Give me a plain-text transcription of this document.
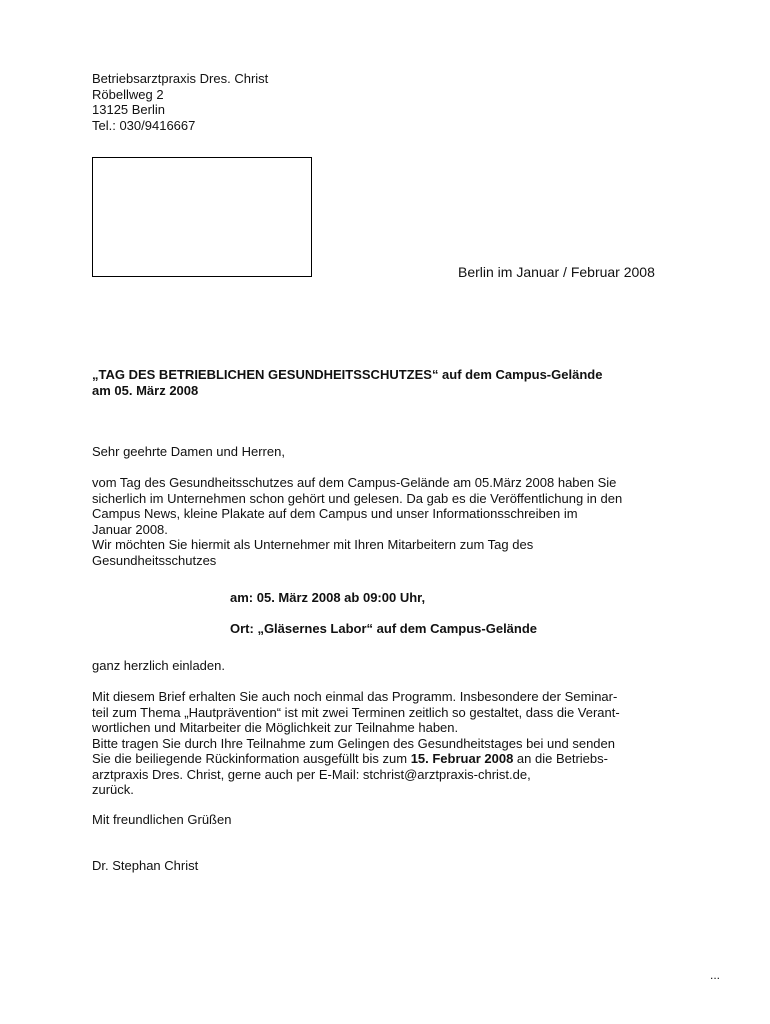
Betriebsarztpraxis Dres. Christ
Röbellweg 2
13125 Berlin
Tel.: 030/9416667
Berlin im Januar / Februar 2008
„TAG DES BETRIEBLICHEN GESUNDHEITSSCHUTZES“ auf dem Campus-Gelände
am 05. März 2008
Sehr geehrte Damen und Herren,
vom Tag des Gesundheitsschutzes auf dem Campus-Gelände am 05.März 2008 haben Sie
sicherlich im Unternehmen schon gehört und gelesen. Da gab es die Veröffentlichung in den
Campus News, kleine Plakate auf dem Campus und unser Informationsschreiben im
Januar 2008.
Wir möchten Sie hiermit als Unternehmer mit Ihren Mitarbeitern zum Tag des
Gesundheitsschutzes
am: 05. März 2008 ab 09:00 Uhr,
Ort: „Gläsernes Labor“ auf dem Campus-Gelände
ganz herzlich einladen.
Mit diesem Brief erhalten Sie auch noch einmal das Programm. Insbesondere der Seminar-
teil zum Thema „Hautprävention“ ist mit zwei Terminen zeitlich so gestaltet, dass die Verant-
wortlichen und Mitarbeiter die Möglichkeit zur Teilnahme haben.
Bitte tragen Sie durch Ihre Teilnahme zum Gelingen des Gesundheitstages bei und senden
Sie die beiliegende Rückinformation ausgefüllt bis zum 15. Februar 2008 an die Betriebs-
arztpraxis Dres. Christ, gerne auch per E-Mail: stchrist@arztpraxis-christ.de,
zurück.
Mit freundlichen Grüßen
Dr. Stephan Christ
...
